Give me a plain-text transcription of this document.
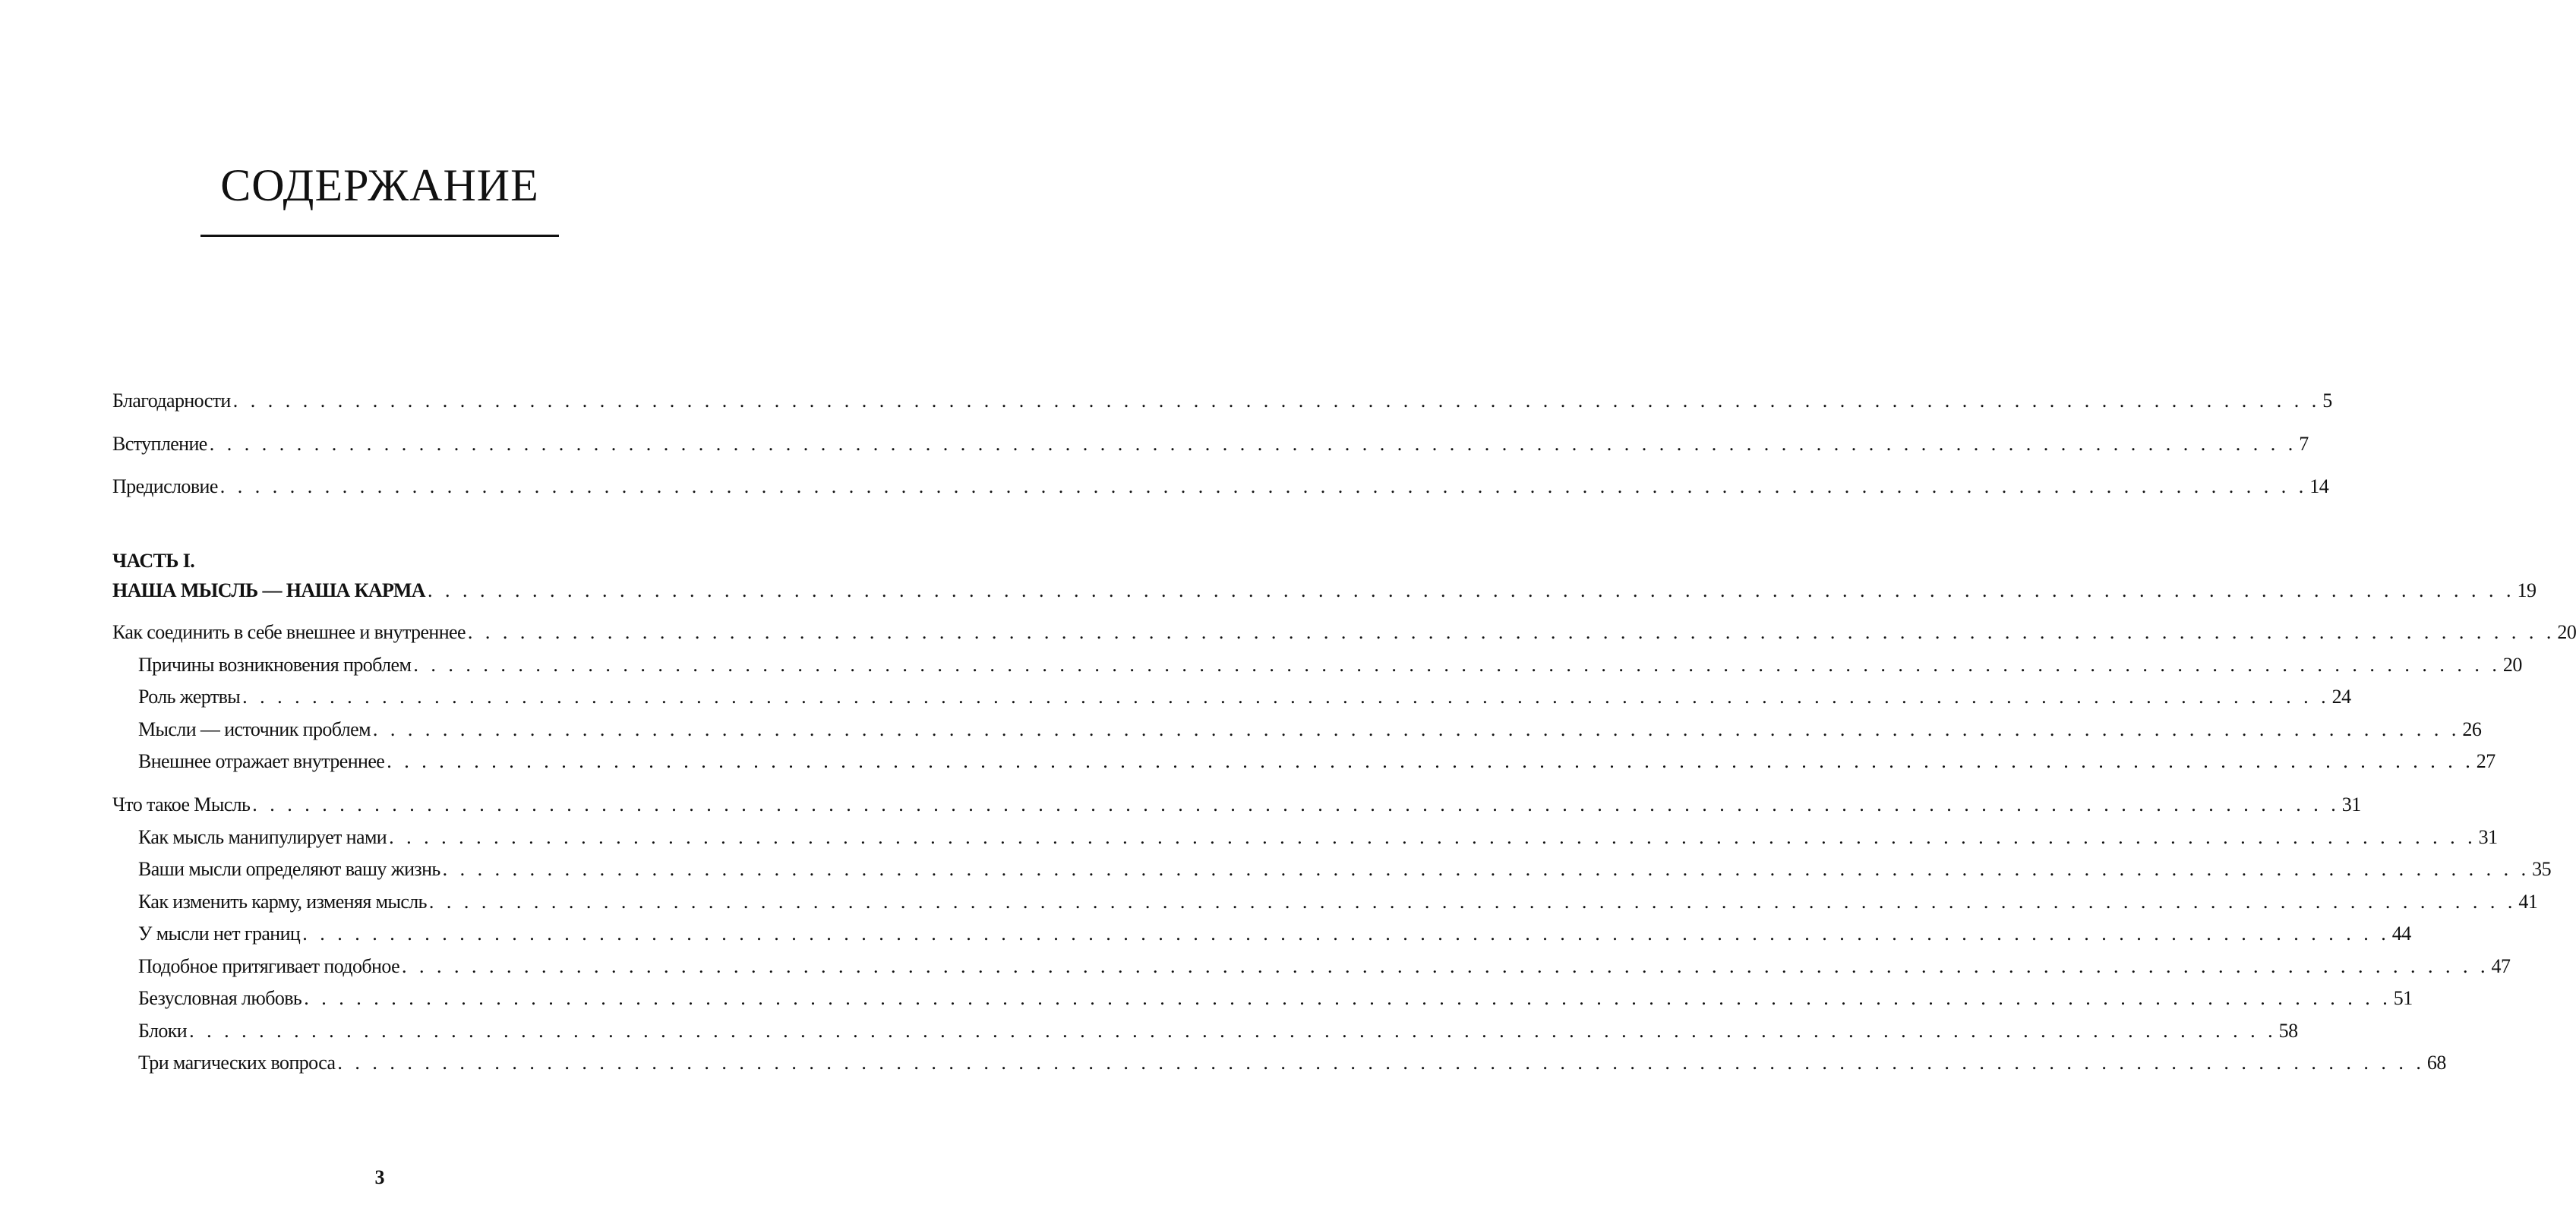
СОДЕРЖАНИЕ
ЧАСТЬ I.
Благодарности . . . . . . . . . . . . . . . . . . . . . . . . . . . . . . . . . . . . . . . . . . . . . . . . . . . . . . . . . . . . . . . . . . . . . . . . . . . . . . . . . . . . . . . . . . . . . . . . . . . . . . . . . . . . . . . . . . . . . . . . 5
Вступление . . . . . . . . . . . . . . . . . . . . . . . . . . . . . . . . . . . . . . . . . . . . . . . . . . . . . . . . . . . . . . . . . . . . . . . . . . . . . . . . . . . . . . . . . . . . . . . . . . . . . . . . . . . . . . . . . . . . . . . . 7
Предисловие . . . . . . . . . . . . . . . . . . . . . . . . . . . . . . . . . . . . . . . . . . . . . . . . . . . . . . . . . . . . . . . . . . . . . . . . . . . . . . . . . . . . . . . . . . . . . . . . . . . . . . . . . . . . . . . . . . . . . . . . 14
НАША МЫСЛЬ — НАША КАРМА . . . . . . . . . . . . . . . . . . . . . . . . . . . . . . . . . . . . . . . . . . . . . . . . . . . . . . . . . . . . . . . . . . . . . . . . . . . . . . . . . . . . . . . . . . . . . . . . . . . . . . . . . . . . . . . . . . . . . . . . 19
Как соединить в себе внешнее и внутреннее . . . . . . . . . . . . . . . . . . . . . . . . . . . . . . . . . . . . . . . . . . . . . . . . . . . . . . . . . . . . . . . . . . . . . . . . . . . . . . . . . . . . . . . . . . . . . . . . . . . . . . . . . . . . . . . . . . . . . . . . 20
Причины возникновения проблем . . . . . . . . . . . . . . . . . . . . . . . . . . . . . . . . . . . . . . . . . . . . . . . . . . . . . . . . . . . . . . . . . . . . . . . . . . . . . . . . . . . . . . . . . . . . . . . . . . . . . . . . . . . . . . . . . . . . . . . . 20
Роль жертвы . . . . . . . . . . . . . . . . . . . . . . . . . . . . . . . . . . . . . . . . . . . . . . . . . . . . . . . . . . . . . . . . . . . . . . . . . . . . . . . . . . . . . . . . . . . . . . . . . . . . . . . . . . . . . . . . . . . . . . . . 24
Мысли — источник проблем . . . . . . . . . . . . . . . . . . . . . . . . . . . . . . . . . . . . . . . . . . . . . . . . . . . . . . . . . . . . . . . . . . . . . . . . . . . . . . . . . . . . . . . . . . . . . . . . . . . . . . . . . . . . . . . . . . . . . . . . 26
Внешнее отражает внутреннее . . . . . . . . . . . . . . . . . . . . . . . . . . . . . . . . . . . . . . . . . . . . . . . . . . . . . . . . . . . . . . . . . . . . . . . . . . . . . . . . . . . . . . . . . . . . . . . . . . . . . . . . . . . . . . . . . . . . . . . . 27
Что такое Мысль . . . . . . . . . . . . . . . . . . . . . . . . . . . . . . . . . . . . . . . . . . . . . . . . . . . . . . . . . . . . . . . . . . . . . . . . . . . . . . . . . . . . . . . . . . . . . . . . . . . . . . . . . . . . . . . . . . . . . . . . 31
Как мысль манипулирует нами . . . . . . . . . . . . . . . . . . . . . . . . . . . . . . . . . . . . . . . . . . . . . . . . . . . . . . . . . . . . . . . . . . . . . . . . . . . . . . . . . . . . . . . . . . . . . . . . . . . . . . . . . . . . . . . . . . . . . . . . 31
Ваши мысли определяют вашу жизнь . . . . . . . . . . . . . . . . . . . . . . . . . . . . . . . . . . . . . . . . . . . . . . . . . . . . . . . . . . . . . . . . . . . . . . . . . . . . . . . . . . . . . . . . . . . . . . . . . . . . . . . . . . . . . . . . . . . . . . . . 35
Как изменить карму, изменяя мысль . . . . . . . . . . . . . . . . . . . . . . . . . . . . . . . . . . . . . . . . . . . . . . . . . . . . . . . . . . . . . . . . . . . . . . . . . . . . . . . . . . . . . . . . . . . . . . . . . . . . . . . . . . . . . . . . . . . . . . . . 41
У мысли нет границ . . . . . . . . . . . . . . . . . . . . . . . . . . . . . . . . . . . . . . . . . . . . . . . . . . . . . . . . . . . . . . . . . . . . . . . . . . . . . . . . . . . . . . . . . . . . . . . . . . . . . . . . . . . . . . . . . . . . . . . . 44
Подобное притягивает подобное . . . . . . . . . . . . . . . . . . . . . . . . . . . . . . . . . . . . . . . . . . . . . . . . . . . . . . . . . . . . . . . . . . . . . . . . . . . . . . . . . . . . . . . . . . . . . . . . . . . . . . . . . . . . . . . . . . . . . . . . 47
Безусловная любовь . . . . . . . . . . . . . . . . . . . . . . . . . . . . . . . . . . . . . . . . . . . . . . . . . . . . . . . . . . . . . . . . . . . . . . . . . . . . . . . . . . . . . . . . . . . . . . . . . . . . . . . . . . . . . . . . . . . . . . . . 51
Блоки . . . . . . . . . . . . . . . . . . . . . . . . . . . . . . . . . . . . . . . . . . . . . . . . . . . . . . . . . . . . . . . . . . . . . . . . . . . . . . . . . . . . . . . . . . . . . . . . . . . . . . . . . . . . . . . . . . . . . . . . 58
Три магических вопроса . . . . . . . . . . . . . . . . . . . . . . . . . . . . . . . . . . . . . . . . . . . . . . . . . . . . . . . . . . . . . . . . . . . . . . . . . . . . . . . . . . . . . . . . . . . . . . . . . . . . . . . . . . . . . . . . . . . . . . . . 68
3
